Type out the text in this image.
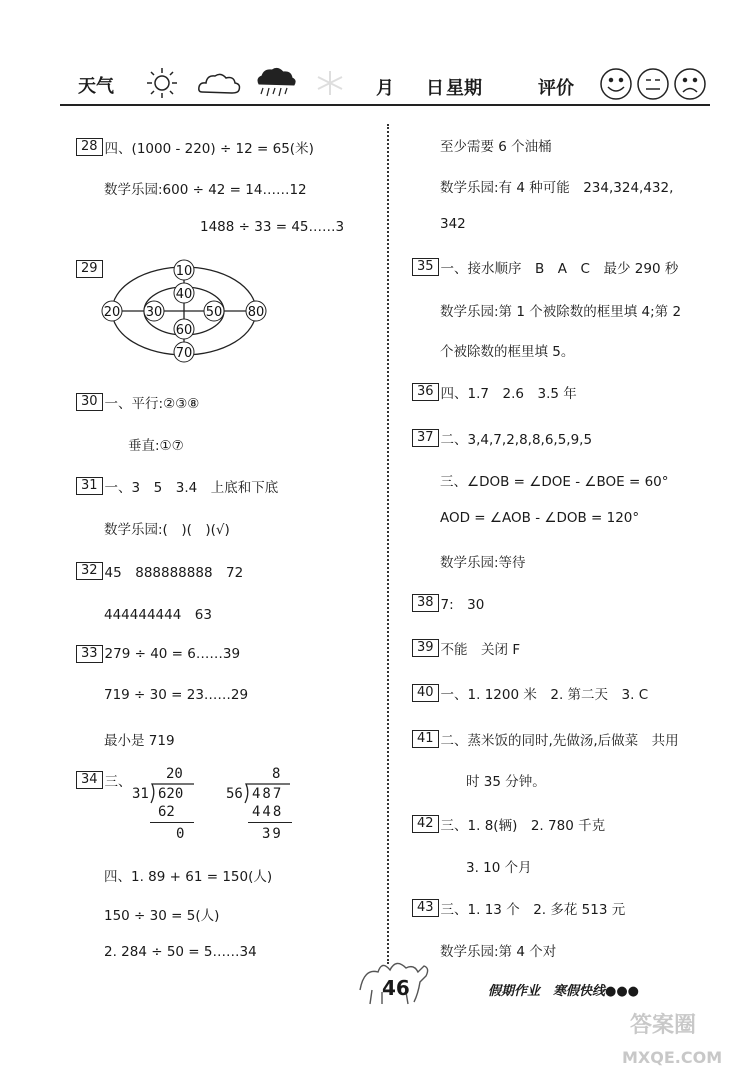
天气	月 日 星期	评价
28 四、(1000 - 220) ÷ 12 = 65(米)
数学乐园:600 ÷ 42 = 14……12
1488 ÷ 33 = 45……3
29	10
40
20 30	50 80
60
70
30 一、平行:②③⑧
垂直:①⑦
31 一、3　5　3.4　上底和下底
数学乐园:(　)(　)(√)
32 45　888888888　72
444444444　63
33 279 ÷ 40 = 6……39
719 ÷ 30 = 23……29
最小是 719
34 三、 20
31 620
62
0
8
56 487
448
39
四、1. 89 + 61 = 150(人)
150 ÷ 30 = 5(人)
2. 284 ÷ 50 = 5……34
至少需要 6 个油桶
数学乐园:有 4 种可能　234,324,432,
342
35 一、接水顺序　B　A　C　最少 290 秒
数学乐园:第 1 个被除数的框里填 4;第 2
个被除数的框里填 5。
36 四、1.7　2.6　3.5 年
37 二、3,4,7,2,8,8,6,5,9,5
三、∠DOB = ∠DOE - ∠BOE = 60°
AOD = ∠AOB - ∠DOB = 120°
数学乐园:等待
38 7:　30
39 不能　关闭 F
40 一、1. 1200 米　2. 第二天　3. C
41 二、蒸米饭的同时,先做汤,后做菜　共用
时 35 分钟。
42 三、1. 8(辆)　2. 780 千克
3. 10 个月
43 三、1. 13 个　2. 多花 513 元
数学乐园:第 4 个对
46	假期作业　寒假快线●●●
答案圈
MXQE.COM
